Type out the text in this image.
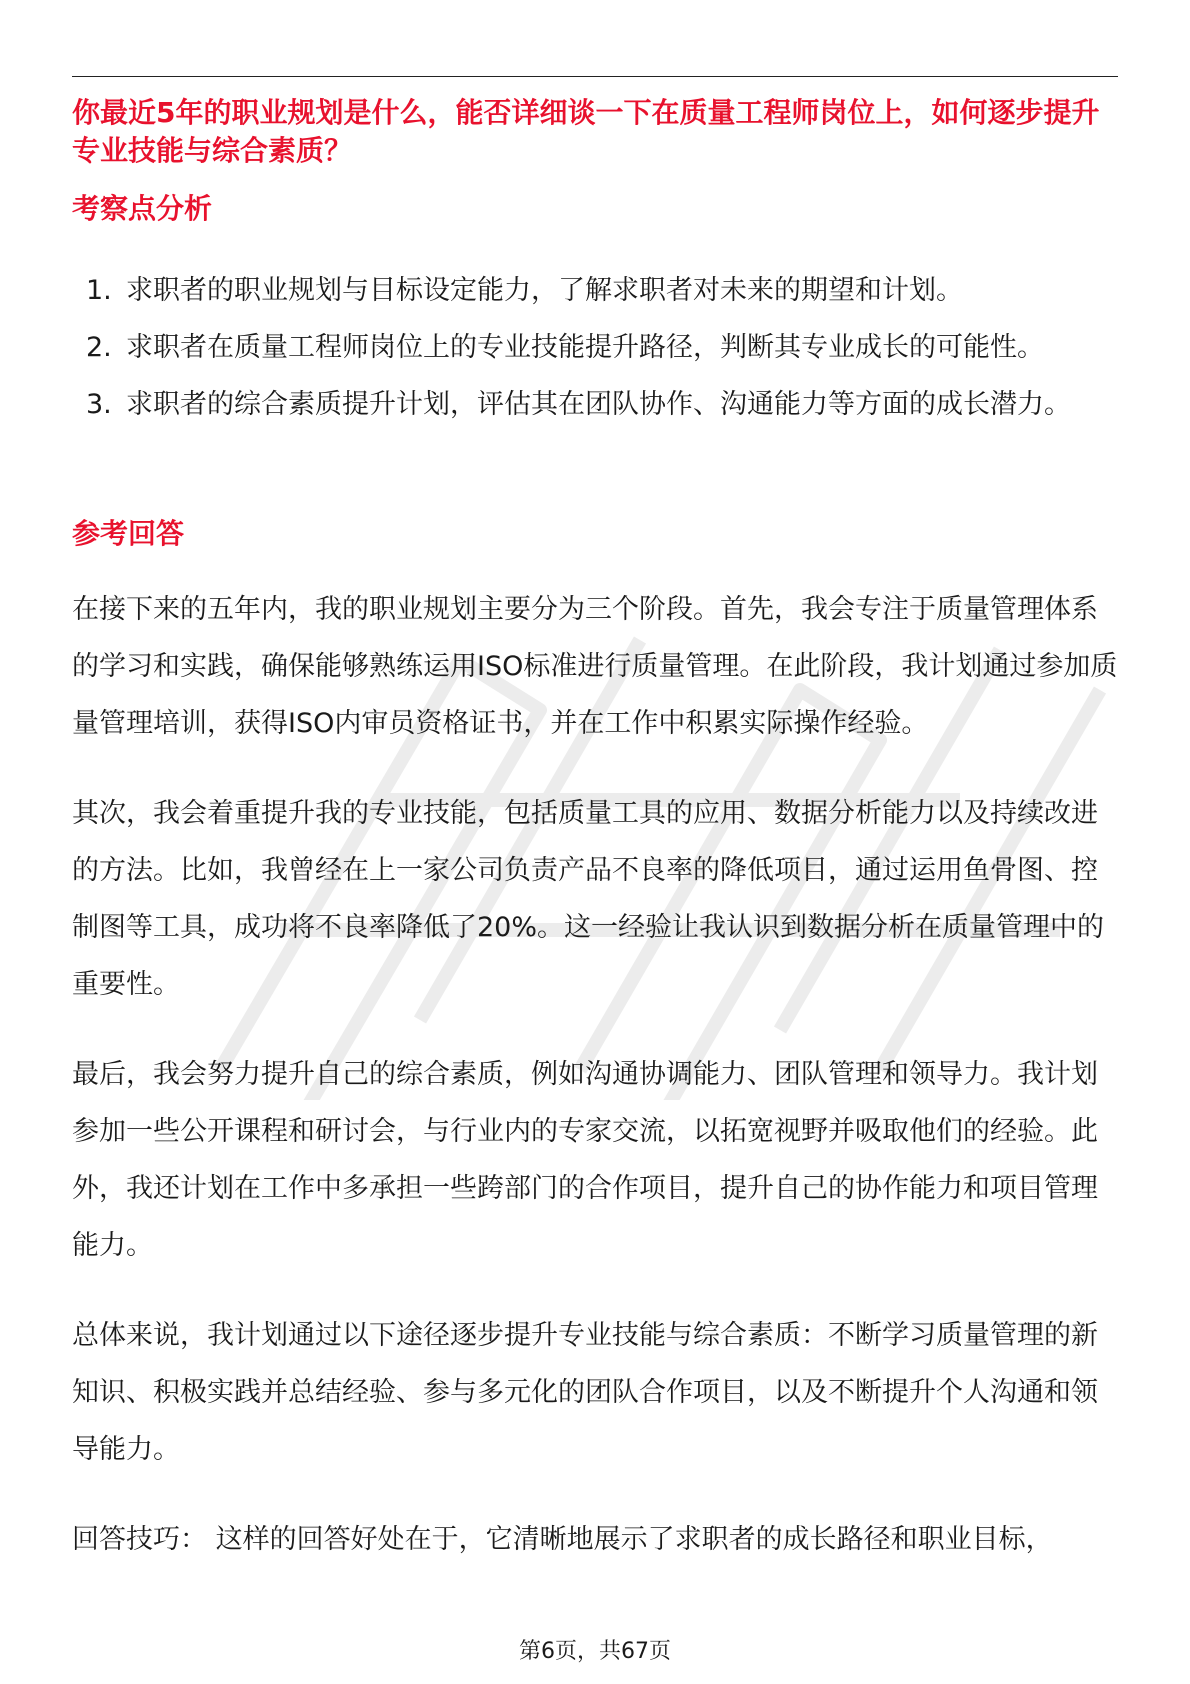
你最近5年的职业规划是什么，能否详细谈一下在质量工程师岗位上，如何逐步提升专业技能与综合素质？

考察点分析
1. 求职者的职业规划与目标设定能力，了解求职者对未来的期望和计划。
2. 求职者在质量工程师岗位上的专业技能提升路径，判断其专业成长的可能性。
3. 求职者的综合素质提升计划，评估其在团队协作、沟通能力等方面的成长潜力。
参考回答

在接下来的五年内，我的职业规划主要分为三个阶段。首先，我会专注于质量管理体系的学习和实践，确保能够熟练运用ISO标准进行质量管理。在此阶段，我计划通过参加质量管理培训，获得ISO内审员资格证书，并在工作中积累实际操作经验。

其次，我会着重提升我的专业技能，包括质量工具的应用、数据分析能力以及持续改进的方法。比如，我曾经在上一家公司负责产品不良率的降低项目，通过运用鱼骨图、控制图等工具，成功将不良率降低了20%。这一经验让我认识到数据分析在质量管理中的重要性。

最后，我会努力提升自己的综合素质，例如沟通协调能力、团队管理和领导力。我计划参加一些公开课程和研讨会，与行业内的专家交流，以拓宽视野并吸取他们的经验。此外，我还计划在工作中多承担一些跨部门的合作项目，提升自己的协作能力和项目管理能力。

总体来说，我计划通过以下途径逐步提升专业技能与综合素质：不断学习质量管理的新知识、积极实践并总结经验、参与多元化的团队合作项目，以及不断提升个人沟通和领导能力。

回答技巧： 这样的回答好处在于，它清晰地展示了求职者的成长路径和职业目标，

第6页，共67页
